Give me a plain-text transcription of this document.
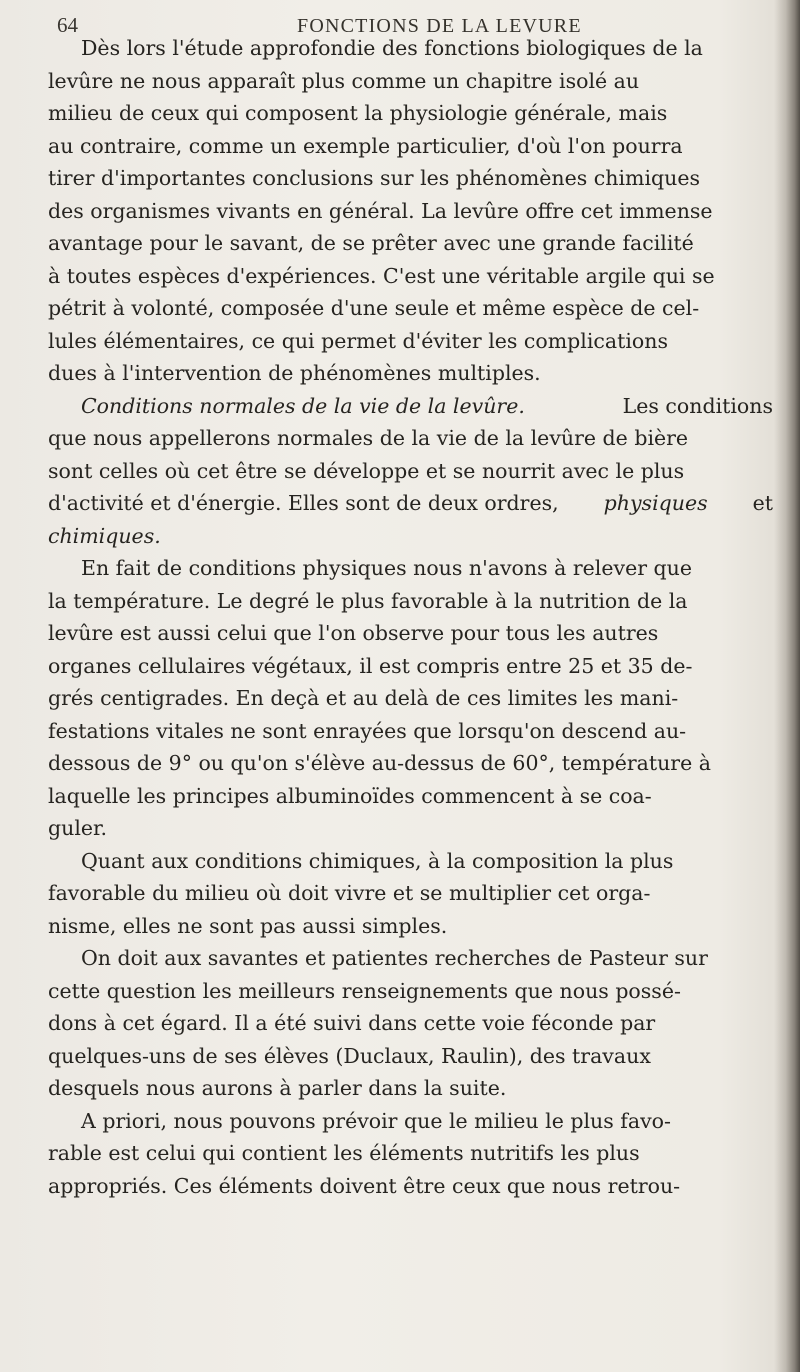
64	FONCTIONS DE LA LEVURE
Dès lors l'étude approfondie des fonctions biologiques de la
levûre ne nous apparaît plus comme un chapitre isolé au
milieu de ceux qui composent la physiologie générale, mais
au contraire, comme un exemple particulier, d'où l'on pourra
tirer d'importantes conclusions sur les phénomènes chimiques
des organismes vivants en général. La levûre offre cet immense
avantage pour le savant, de se prêter avec une grande facilité
à toutes espèces d'expériences. C'est une véritable argile qui se
pétrit à volonté, composée d'une seule et même espèce de cel-
lules élémentaires, ce qui permet d'éviter les complications
dues à l'intervention de phénomènes multiples.
Conditions normales de la vie de la levûre.	Les conditions
que nous appellerons normales de la vie de la levûre de bière
sont celles où cet être se développe et se nourrit avec le plus
d'activité et d'énergie. Elles sont de deux ordres, physiques et
chimiques.
En fait de conditions physiques nous n'avons à relever que
la température. Le degré le plus favorable à la nutrition de la
levûre est aussi celui que l'on observe pour tous les autres
organes cellulaires végétaux, il est compris entre 25 et 35 de-
grés centigrades. En deçà et au delà de ces limites les mani-
festations vitales ne sont enrayées que lorsqu'on descend au-
dessous de 9° ou qu'on s'élève au-dessus de 60°, température à
laquelle les principes albuminoïdes commencent à se coa-
guler.
Quant aux conditions chimiques, à la composition la plus
favorable du milieu où doit vivre et se multiplier cet orga-
nisme, elles ne sont pas aussi simples.
On doit aux savantes et patientes recherches de Pasteur sur
cette question les meilleurs renseignements que nous possé-
dons à cet égard. Il a été suivi dans cette voie féconde par
quelques-uns de ses élèves (Duclaux, Raulin), des travaux
desquels nous aurons à parler dans la suite.
A priori, nous pouvons prévoir que le milieu le plus favo-
rable est celui qui contient les éléments nutritifs les plus
appropriés. Ces éléments doivent être ceux que nous retrou-
